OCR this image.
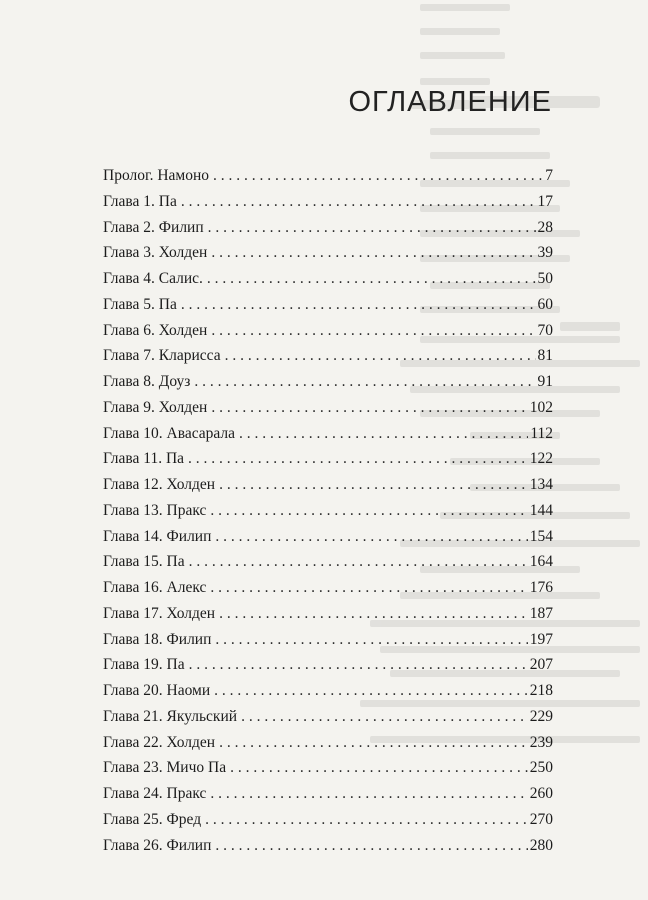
ОГЛАВЛЕНИЕ
Пролог. Намоно . . .	7
Глава 1. Па . . .	17
Глава 2. Филип . . .	28
Глава 3. Холден . . .	39
Глава 4. Салис. . . .	50
Глава 5. Па . . .	60
Глава 6. Холден . . .	70
Глава 7. Кларисса . . .	81
Глава 8. Доуз . . .	91
Глава 9. Холден . . .	102
Глава 10. Авасарала . . .	112
Глава 11. Па . . .	122
Глава 12. Холден . . .	134
Глава 13. Пракс . . .	144
Глава 14. Филип . . .	154
Глава 15. Па . . .	164
Глава 16. Алекс . . .	176
Глава 17. Холден . . .	187
Глава 18. Филип . . .	197
Глава 19. Па . . .	207
Глава 20. Наоми . . .	218
Глава 21. Якульский . . .	229
Глава 22. Холден . . .	239
Глава 23. Мичо Па . . .	250
Глава 24. Пракс . . .	260
Глава 25. Фред . . .	270
Глава 26. Филип . . .	280
